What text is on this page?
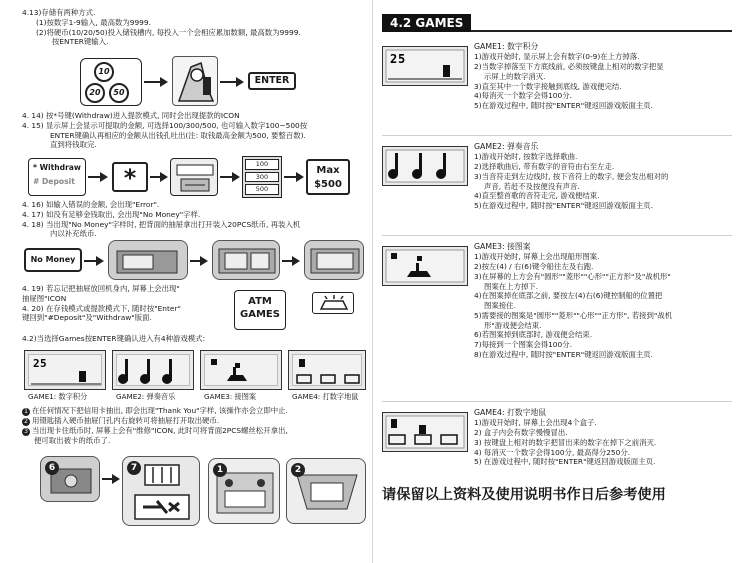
4.13)存储有两种方式.
(1)按数字1-9输入, 最高数为9999.
(2)将硬币(10/20/50)投入储钱槽内, 每投入一个会相应累加数额, 最高数为9999.
按ENTER键输入.
10
20	50
ENTER
4. 14) 按*号键(Withdraw)进入提款模式, 同时会出现提款的ICON
4. 15) 显示屏上会显示可提取的金额, 可选择100/300/500, 也可输入数字100~500按
ENTER键确认再相应的金额从出钱孔吐出(注: 取钱最高金额为500, 要整百数).
直到将钱取完.
* Withdraw
# Deposit	*	100
300
500
Max
$500
4. 16) 如输入错误的金额, 会出现"Error".
4. 17) 如没有足够金钱取出, 会出现"No Money"字样.
4. 18) 当出现"No Money"字样时, 把背面的抽屉拿出打开装入20PCS纸币, 再装入机
内以补充纸币.
No Money
4. 19) 若忘记把抽屉放回机身内, 屏幕上会出现"
抽屉图"ICON
4. 20) 在存钱模式或提款模式下, 随时按"Enter"
键回到"#Deposit"及"Withdraw"版面.
ATM
GAMES
4.2)当选择Games按ENTER键确认进入有4种游戏模式:
2 5
GAME1: 数字积分	GAME2: 弹奏音乐	GAME3: 接图案	GAME4: 打数字地鼠
1 在任何情况下把信用卡抽出, 即会出现"Thank You"字样, 该操作亦会立即中止.
2 用镊匙插入硬币抽屉门孔内右旋转可将抽屉打开取出硬币.
3 当出现卡住纸币时, 屏幕上会有"维修"ICON, 此时可将背面2PCS螺丝松开拿出,
便可取出被卡的纸币了.
6	7	1	2
4.2 GAMES
2 5
GAME1: 数字积分
1)游戏开始时, 显示屏上会有数字(0-9)在上方掉落.
2)当数字掉落至下方底线前, 必须按键盘上相对的数字把显
示屏上的数字消灭.
3)直至其中一个数字接触到底线, 游戏便完结.
4)每消灭一个数字会得100分.
5)在游戏过程中, 随时按"ENTER"键返回游戏版面主页.
GAME2: 弹奏音乐
1)游戏开始时, 按数字选择歌曲.
2)选择歌曲后, 带有数字的音符由右至左走.
3)当音符走到左边线时, 按下音符上的数字, 便会发出相对的
声音, 若赶不及按便没有声音.
4)直至整首歌的音符走完, 游戏便结束.
5)在游戏过程中, 随时按"ENTER"键返回游戏版面主页.
GAME3: 接图案
1)游戏开始时, 屏幕上会出现船形图案.
2)按左(4) / 右(6)键令船往左及右跑.
3)在屏幕的上方会有"圆形""菱形""心形""正方形"及"战机形"
图案在上方掉下.
4)在图案掉在底部之前, 要按左(4)右(6)键控制船的位置把
图案接住.
5)需要接的图案是"圆形""菱形""心形""正方形", 若接到"战机
形"游戏便会结束.
6)若图案掉到底部时, 游戏便会结束.
7)每接到一个图案会得100分.
8)在游戏过程中, 随时按"ENTER"键返回游戏版面主页.
GAME4: 打数字地鼠
1)游戏开始时, 屏幕上会出现4个盒子.
2) 盒子内会有数字慢慢冒出.
3) 按键盘上相对的数字把冒出来的数字在掉下之前消灭.
4) 每消灭一个数字会得100分, 最高得分250分.
5) 在游戏过程中, 随时按"ENTER"键返回游戏版面主页.
请保留以上资料及使用说明书作日后参考使用
